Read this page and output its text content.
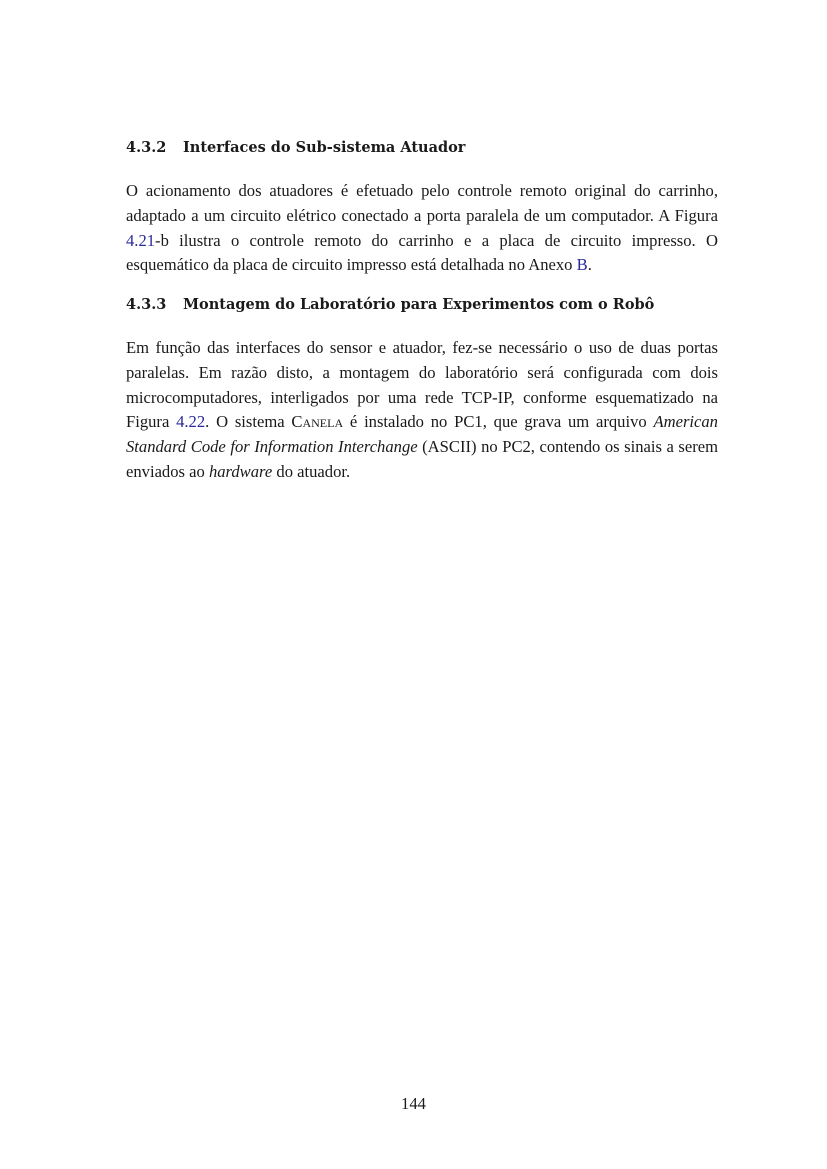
4.3.2 Interfaces do Sub-sistema Atuador

O acionamento dos atuadores é efetuado pelo controle remoto original do carrinho, adaptado a um circuito elétrico conectado a porta paralela de um computador. A Figura 4.21-b ilustra o controle remoto do carrinho e a placa de circuito impresso. O esquemático da placa de circuito impresso está detalhada no Anexo B.

4.3.3 Montagem do Laboratório para Experimentos com o Robô

Em função das interfaces do sensor e atuador, fez-se necessário o uso de duas portas paralelas. Em razão disto, a montagem do laboratório será configurada com dois microcomputadores, interligados por uma rede TCP-IP, conforme esquematizado na Figura 4.22. O sistema Canela é instalado no PC1, que grava um arquivo American Standard Code for Information Interchange (ASCII) no PC2, contendo os sinais a serem enviados ao hardware do atuador.

144
